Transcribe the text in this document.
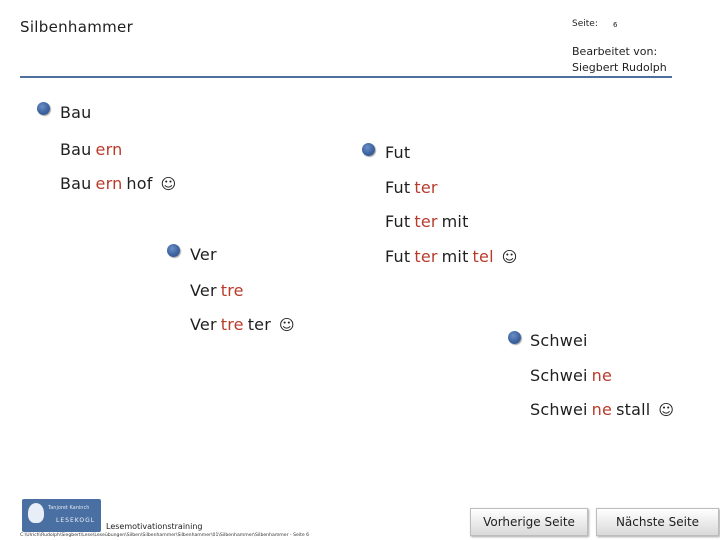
Silbenhammer	Seite: 6
Bearbeitet von:
Siegbert Rudolph
Bau
Bau ern
Bau ern hof ☺
Fut
Fut ter
Fut ter mit
Fut ter mit tel ☺
Ver
Ver tre
Ver tre ter ☺
Schwei
Schwei ne
Schwei ne stall ☺
Tanjoret Kaninch
LESEKOGL
Lesemotivationstraining
C:\Ulrich\Rudolph\Siegbert\Lese\Leseübungen\Silben\Silbenhammer\Silbenhammer\01\Silbenhammer\Silbenhammer - Seite 6
Vorherige Seite	Nächste Seite
